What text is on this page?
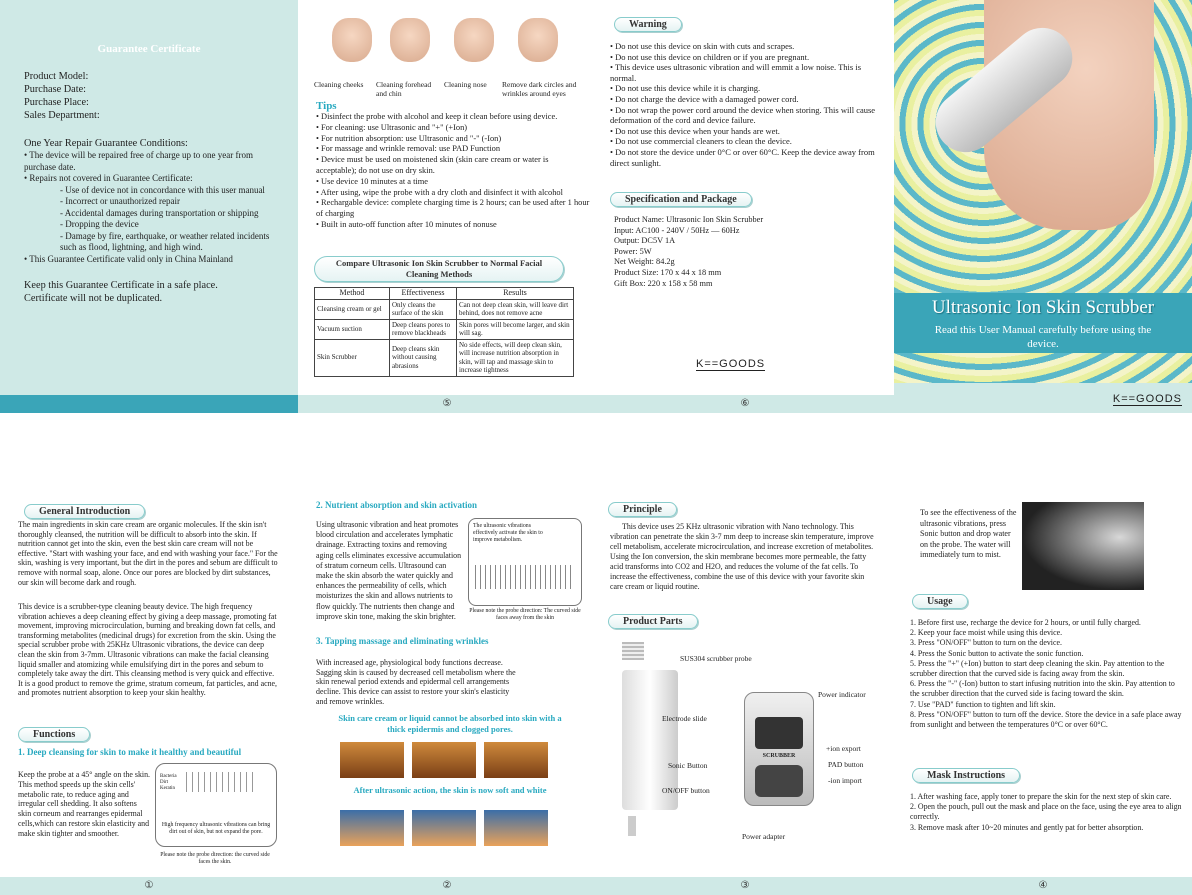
Guarantee Certificate
Product Model:
Purchase Date:
Purchase Place:
Sales Department:
One Year Repair Guarantee Conditions:
• The device will be repaired free of charge up to one year from purchase date.
• Repairs not covered in Guarantee Certificate:
- Use of device not in concordance with this user manual
- Incorrect or unauthorized repair
- Accidental damages during transportation or shipping
- Dropping the device
- Damage by fire, earthquake, or weather related incidents such as flood, lightning, and high wind.
• This Guarantee Certificate valid only in China Mainland
Keep this Guarantee Certificate in a safe place.
Certificate will not be duplicated.
Cleaning cheeks	Cleaning forehead and chin
Cleaning nose	Remove dark circles and wrinkles around eyes
Tips
• Disinfect the probe with alcohol and keep it clean before using device.
• For cleaning: use Ultrasonic and "+" (+Ion)
• For nutrition absorption: use Ultrasonic and "-" (-Ion)
• For massage and wrinkle removal: use PAD Function
• Device must be used on moistened skin (skin care cream or water is acceptable); do not use on dry skin.
• Use device 10 minutes at a time
• After using, wipe the probe with a dry cloth and disinfect it with alcohol
• Rechargable device: complete charging time is 2 hours; can be used after 1 hour of charging
• Built in auto-off function after 10 minutes of nonuse
Compare Ultrasonic Ion Skin Scrubber to Normal Facial Cleaning Methods
Method	Effectiveness	Results
Cleansing cream or gel	Only cleans the surface of the skin	Can not deep clean skin, will leave dirt behind, does not remove acne
Vacuum suction	Deep cleans pores to remove blackheads	Skin pores will become larger, and skin will sag.
Skin Scrubber	Deep cleans skin without causing abrasions	No side effects, will deep clean skin, will increase nutrition absorption in skin, will tap and massage skin to increase tightness
⑤
Warning
• Do not use this device on skin with cuts and scrapes.
• Do not use this device on children or if you are pregnant.
• This device uses ultrasonic vibration and will emmit a low noise. This is normal.
• Do not use this device while it is charging.
• Do not charge the device with a damaged power cord.
• Do not wrap the power cord around the device when storing. This will cause deformation of the cord and device failure.
• Do not use this device when your hands are wet.
• Do not use commercial cleaners to clean the device.
• Do not store the device under 0°C or over 60°C. Keep the device away from direct sunlight.
Specification and Package
Product Name: Ultrasonic Ion Skin Scrubber
Input: AC100 - 240V / 50Hz — 60Hz
Output: DC5V 1A
Power: 5W
Net Weight: 84.2g
Product Size: 170 x 44 x 18 mm
Gift Box: 220 x 158 x 58 mm
K==GOODS
⑥
Ultrasonic Ion Skin Scrubber
Read this User Manual carefully before using the device.
K==GOODS
General Introduction
The main ingredients in skin care cream are organic molecules. If the skin isn't thoroughly cleansed, the nutrition will be difficult to absorb into the skin. If nutrition cannot get into the skin, even the best skin care cream will not be effective. "Start with washing your face, and end with washing your face." For the skin, washing is very important, but the dirt in the pores and sebum are difficult to remove with normal soap, alone. Once our pores are blocked by dirt substances, our skin will become dark and rough.
This device is a scrubber-type cleaning beauty device. The high frequency vibration achieves a deep cleaning effect by giving a deep massage, promoting fat movement, improving microcirculation, burning and breaking down fat cells, and transforming metabolites (medicinal drugs) for excretion from the skin. Using the special scrubber probe with 25KHz Ultrasonic vibrations, the device can deep clean the skin from 3-7mm. Ultrasonic vibrations can make the facial cleansing liquid smaller and atomizing while emulsifying dirt in the pores and sebum to completely take away the dirt. This cleansing method is very quick and effective. It is a good product to remove the grime, stratum corneum, fat particles, and acne, and promotes nutrient absorption to keep your skin healthy.
Functions
1. Deep cleansing for skin to make it healthy and beautiful
Keep the probe at a 45° angle on the skin. This method speeds up the skin cells' metabolic rate, to reduce aging and irregular cell shedding. It also softens skin corneum and rearranges epidermal cells,which can restore skin elasticity and make skin tighter and smoother.
Bacteria
Dirt
Keratin
High frequency ultrasonic vibrations can bring dirt out of skin, but not expand the pore.
Please note the probe direction: the curved side faces the skin.
①
2. Nutrient absorption and skin activation
Using ultrasonic vibration and heat promotes blood circulation and accelerates lymphatic drainage. Extracting toxins and removing aging cells eliminates excessive accumulation of stratum corneum cells. Ultrasound can make the skin absorb the water quickly and enhances the permeability of cells, which moisturizes the skin and allows nutrients to flow quickly. The nutrients then change and improve skin tone, making the skin brighter.
The ultrasonic vibrations effectively activate the skin to improve metabolism.
Please note the probe direction: The curved side faces away from the skin
3. Tapping massage and eliminating wrinkles
With increased age, physiological body functions decrease. Sagging skin is caused by decreased cell metabolism where the skin renewal period extends and epidermal cell arrangements decline. This device can assist to restore your skin's elasticity and remove wrinkles.
Skin care cream or liquid cannot be absorbed into skin with a thick epidermis and clogged pores.
After ultrasonic action, the skin is now soft and white
②
Principle
This device uses 25 KHz ultrasonic vibration with Nano technology. This vibration can penetrate the skin 3-7 mm deep to increase skin temperature, improve cell metabolism, accelerate microcirculation, and increase excretion of metabolites. Using the Ion conversion, the skin membrane becomes more permeable, the fatty acid transforms into CO2 and H2O, and reduces the volume of the fat cells. To increase the effectiveness, combine the use of this device with your favorite skin care cream or liquid routine.
Product Parts
SUS304 scrubber probe
Electrode slide
Sonic Button
ON/OFF button
SCRUBBER
Power indicator
+ion export
PAD button
-ion import
Power adapter
③
To see the effectiveness of the ultrasonic vibrations, press Sonic button and drop water on the probe. The water will immediately turn to mist.
Usage
1. Before first use, recharge the device for 2 hours, or until fully charged.
2. Keep your face moist while using this device.
3. Press "ON/OFF" button to turn on the device.
4. Press the Sonic button to activate the sonic function.
5. Press the "+" (+Ion) button to start deep cleaning the skin. Pay attention to the scrubber direction that the curved side is facing away from the skin.
6. Press the "-" (-Ion) button to start infusing nutrition into the skin. Pay attention to the scrubber direction that the curved side is facing toward the skin.
7. Use "PAD" function to tighten and lift skin.
8. Press "ON/OFF" button to turn off the device. Store the device in a safe place away from sunlight and between the temperatures 0°C or over 60°C.
Mask Instructions
1. After washing face, apply toner to prepare the skin for the next step of skin care.
2. Open the pouch, pull out the mask and place on the face, using the eye area to align correctly.
3. Remove mask after 10~20 minutes and gently pat for better absorption.
④
